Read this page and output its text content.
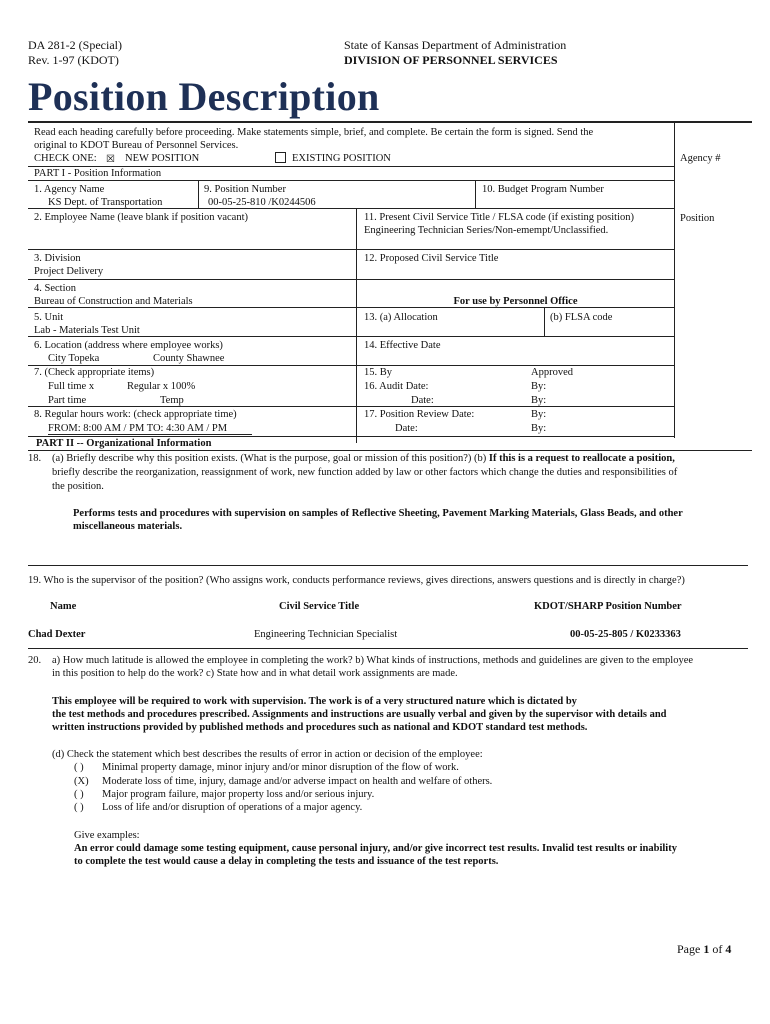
DA 281-2 (Special)
Rev. 1-97 (KDOT)
State of Kansas Department of Administration
DIVISION OF PERSONNEL SERVICES
Position Description
Read each heading carefully before proceeding. Make statements simple, brief, and complete. Be certain the form is signed. Send the
original to KDOT Bureau of Personnel Services.
CHECK ONE: ☒ NEW POSITION	EXISTING POSITION	Agency #
Position
PART I - Position Information
1. Agency Name
KS Dept. of Transportation
9. Position Number
00-05-25-810 /K0244506
10. Budget Program Number
2. Employee Name (leave blank if position vacant)	11. Present Civil Service Title / FLSA code (if existing position)
Engineering Technician Series/Non-emempt/Unclassified.
3. Division
Project Delivery
12. Proposed Civil Service Title
4. Section
Bureau of Construction and Materials	For use by Personnel Office
5. Unit
Lab - Materials Test Unit
13. (a) Allocation	(b) FLSA code
6. Location (address where employee works)
City Topeka	County Shawnee
14. Effective Date
7. (Check appropriate items)
Full time x	Regular x 100%
Part time	Temp
15. By	Approved
16. Audit Date:	By:
Date:	By:
8. Regular hours work: (check appropriate time)
FROM: 8:00 AM / PM TO: 4:30 AM / PM
17. Position Review Date:	By:
Date:	By:
PART II -- Organizational Information
18. (a) Briefly describe why this position exists. (What is the purpose, goal or mission of this position?) (b) If this is a request to reallocate a position,
briefly describe the reorganization, reassignment of work, new function added by law or other factors which change the duties and responsibilities of
the position.
Performs tests and procedures with supervision on samples of Reflective Sheeting, Pavement Marking Materials, Glass Beads, and other
miscellaneous materials.
19. Who is the supervisor of the position? (Who assigns work, conducts performance reviews, gives directions, answers questions and is directly in charge?)
Name	Civil Service Title	KDOT/SHARP Position Number
Chad Dexter	Engineering Technician Specialist	00-05-25-805 / K0233363
20. a) How much latitude is allowed the employee in completing the work? b) What kinds of instructions, methods and guidelines are given to the employee
in this position to help do the work? c) State how and in what detail work assignments are made.
This employee will be required to work with supervision. The work is of a very structured nature which is dictated by
the test methods and procedures prescribed. Assignments and instructions are usually verbal and given by the supervisor with details and
written instructions provided by published methods and procedures such as national and KDOT standard test methods.
(d) Check the statement which best describes the results of error in action or decision of the employee:
( ) Minimal property damage, minor injury and/or minor disruption of the flow of work.
(X) Moderate loss of time, injury, damage and/or adverse impact on health and welfare of others.
( ) Major program failure, major property loss and/or serious injury.
( ) Loss of life and/or disruption of operations of a major agency.
Give examples:
An error could damage some testing equipment, cause personal injury, and/or give incorrect test results. Invalid test results or inability
to complete the test would cause a delay in completing the tests and issuance of the test reports.
Page 1 of 4
